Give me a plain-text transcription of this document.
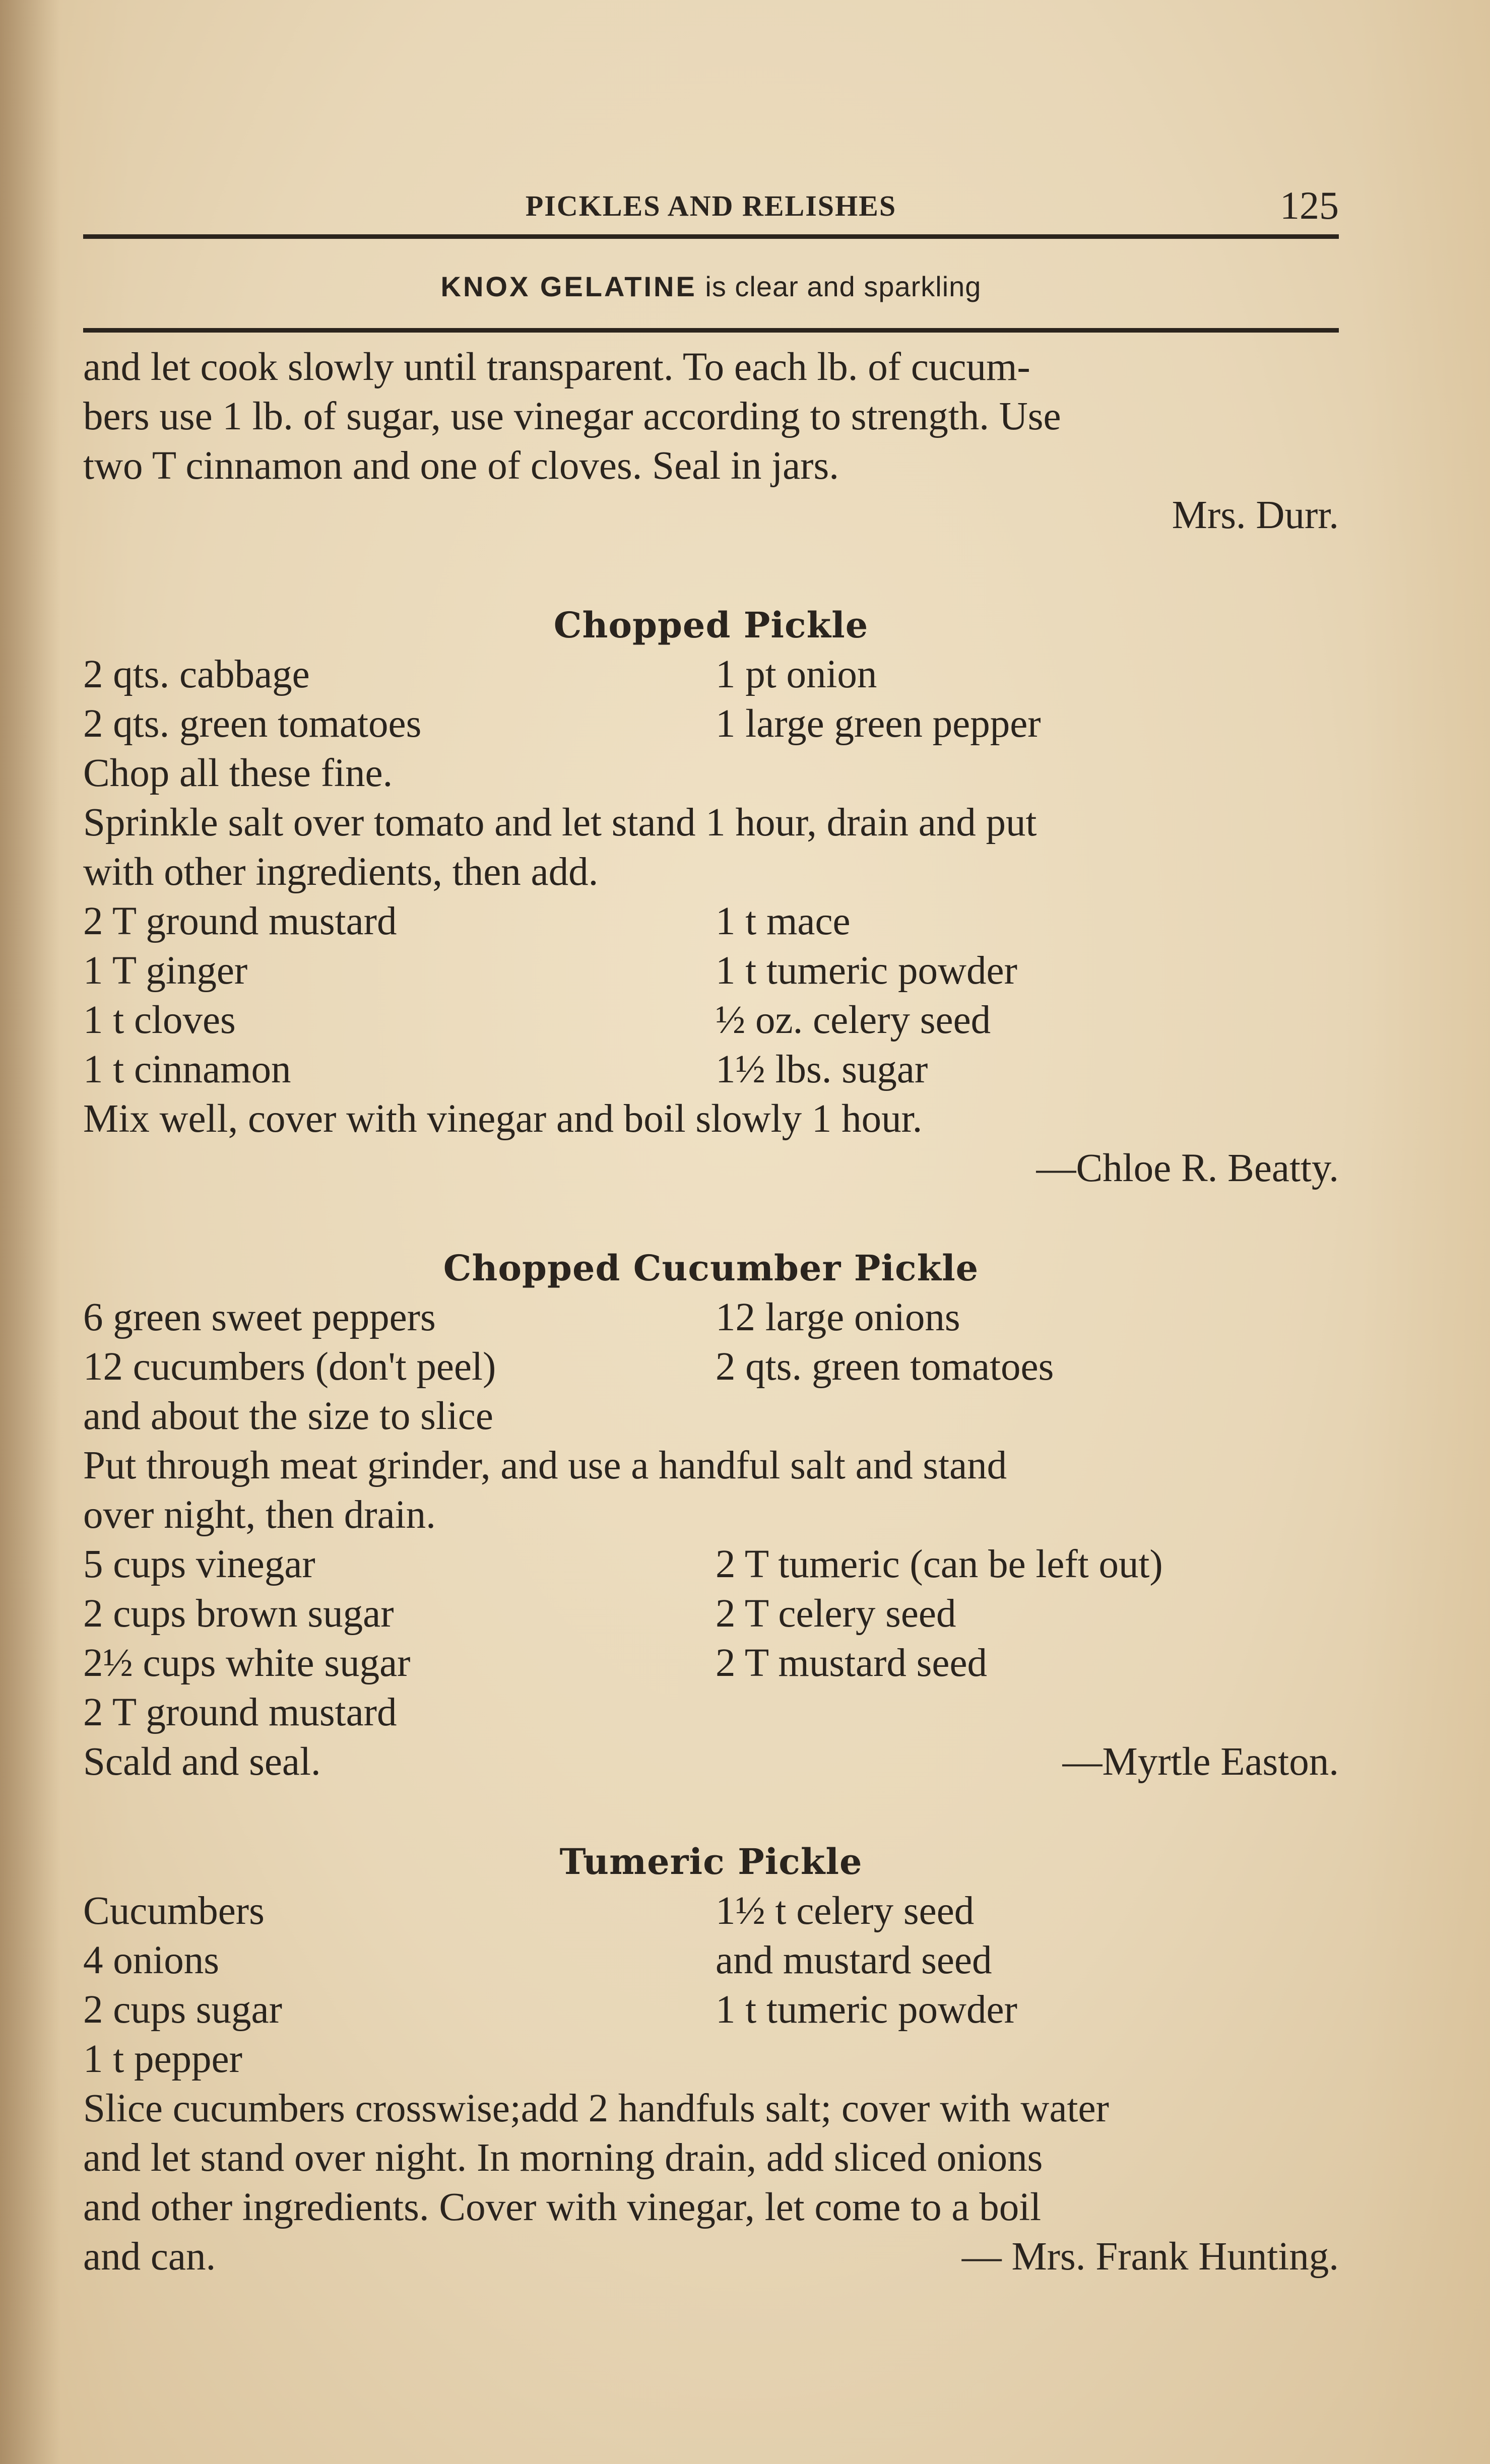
PICKLES AND RELISHES	125
KNOX GELATINE is clear and sparkling

and let cook slowly until transparent. To each lb. of cucum-

bers use 1 lb. of sugar, use vinegar according to strength. Use

two T cinnamon and one of cloves. Seal in jars.

Mrs. Durr.

Chopped Pickle

2 qts. cabbage	1 pt onion
2 qts. green tomatoes	1 large green pepper

Chop all these fine.

Sprinkle salt over tomato and let stand 1 hour, drain and put

with other ingredients, then add.

2 T ground mustard	1 t mace
1 T ginger	1 t tumeric powder
1 t cloves	½ oz. celery seed
1 t cinnamon	1½ lbs. sugar

Mix well, cover with vinegar and boil slowly 1 hour.

—Chloe R. Beatty.

Chopped Cucumber Pickle

6 green sweet peppers	12 large onions
12 cucumbers (don't peel)	2 qts. green tomatoes
and about the size to slice

Put through meat grinder, and use a handful salt and stand

over night, then drain.

5 cups vinegar	2 T tumeric (can be left out)
2 cups brown sugar	2 T celery seed
2½ cups white sugar	2 T mustard seed
2 T ground mustard
Scald and seal.	—Myrtle Easton.

Tumeric Pickle

Cucumbers	1½ t celery seed
4 onions	and mustard seed
2 cups sugar	1 t tumeric powder
1 t pepper

Slice cucumbers crosswise;add 2 handfuls salt; cover with water

and let stand over night. In morning drain, add sliced onions

and other ingredients. Cover with vinegar, let come to a boil

and can.	— Mrs. Frank Hunting.
